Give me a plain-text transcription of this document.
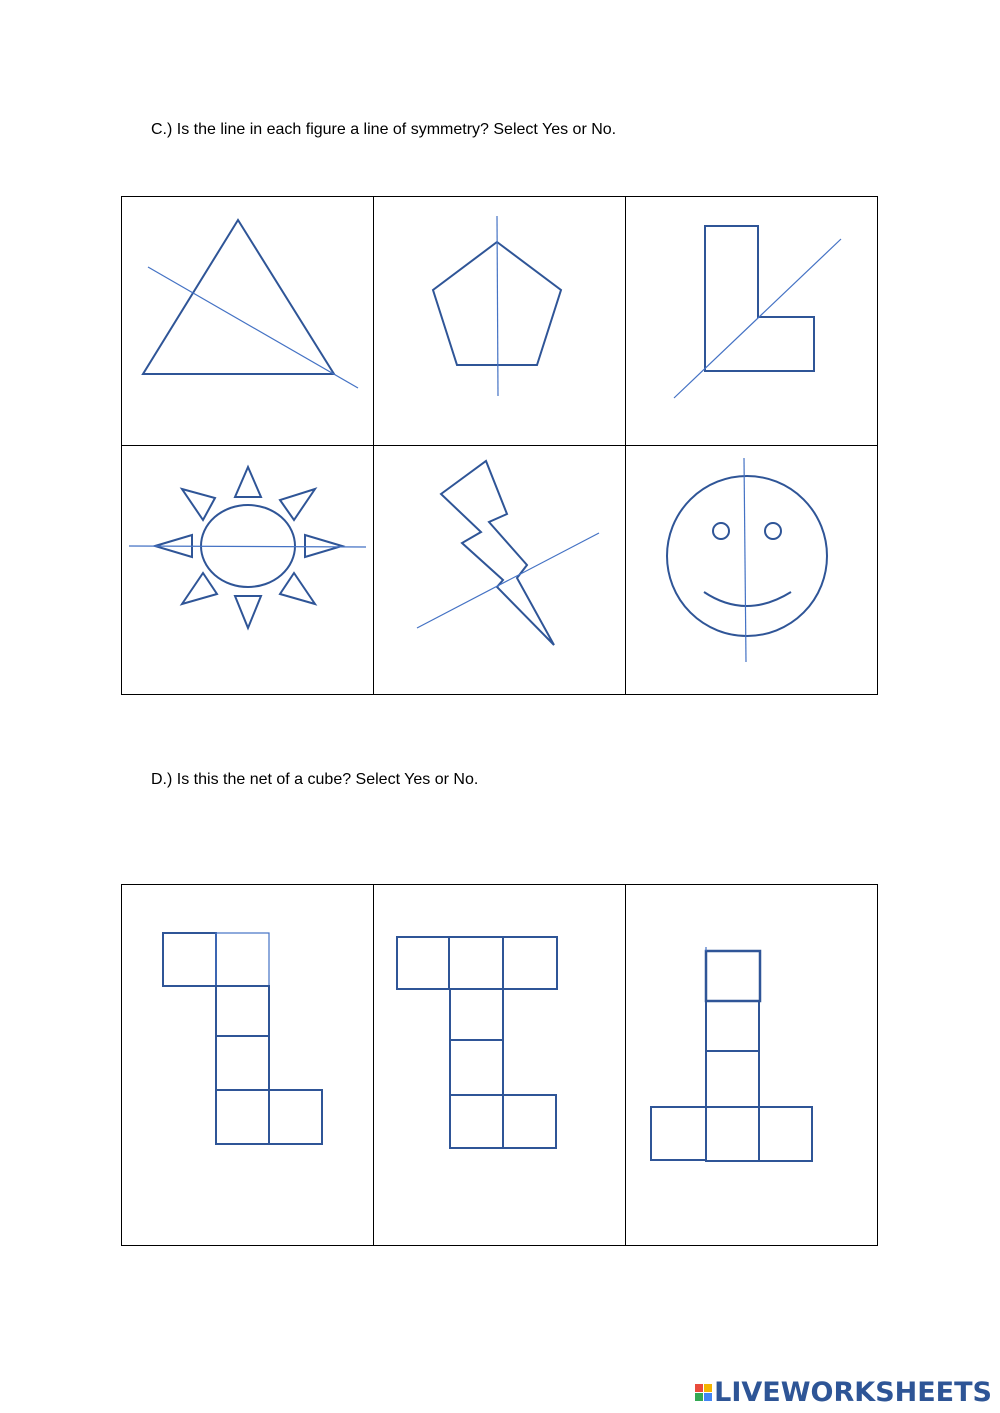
C.) Is the line in each figure a line of symmetry? Select Yes or No.

D.) Is this the net of a cube? Select Yes or No.

LIVEWORKSHEETS
